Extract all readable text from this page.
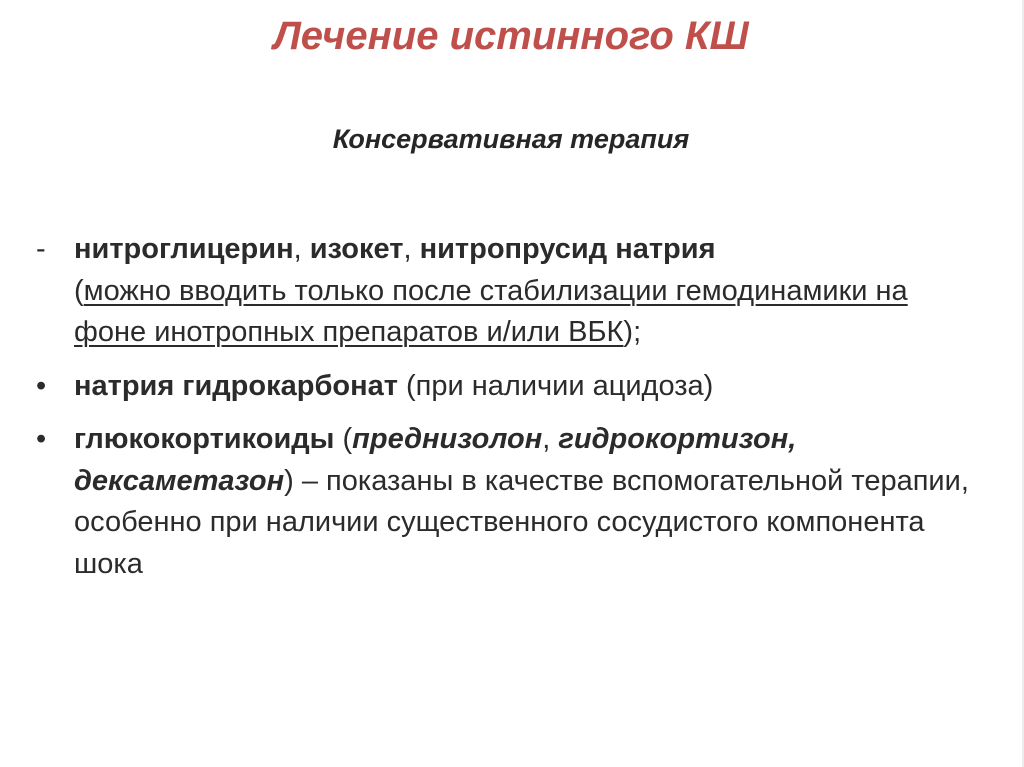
Лечение истинного КШ
Консервативная терапия
- нитроглицерин, изокет, нитропрусид натрия
(можно вводить только после стабилизации гемодинамики на фоне инотропных препаратов и/или ВБК);
• натрия гидрокарбонат (при наличии ацидоза)
• глюкокортикоиды (преднизолон, гидрокортизон, дексаметазон) – показаны в качестве вспомогательной терапии, особенно при наличии существенного сосудистого компонента шока
